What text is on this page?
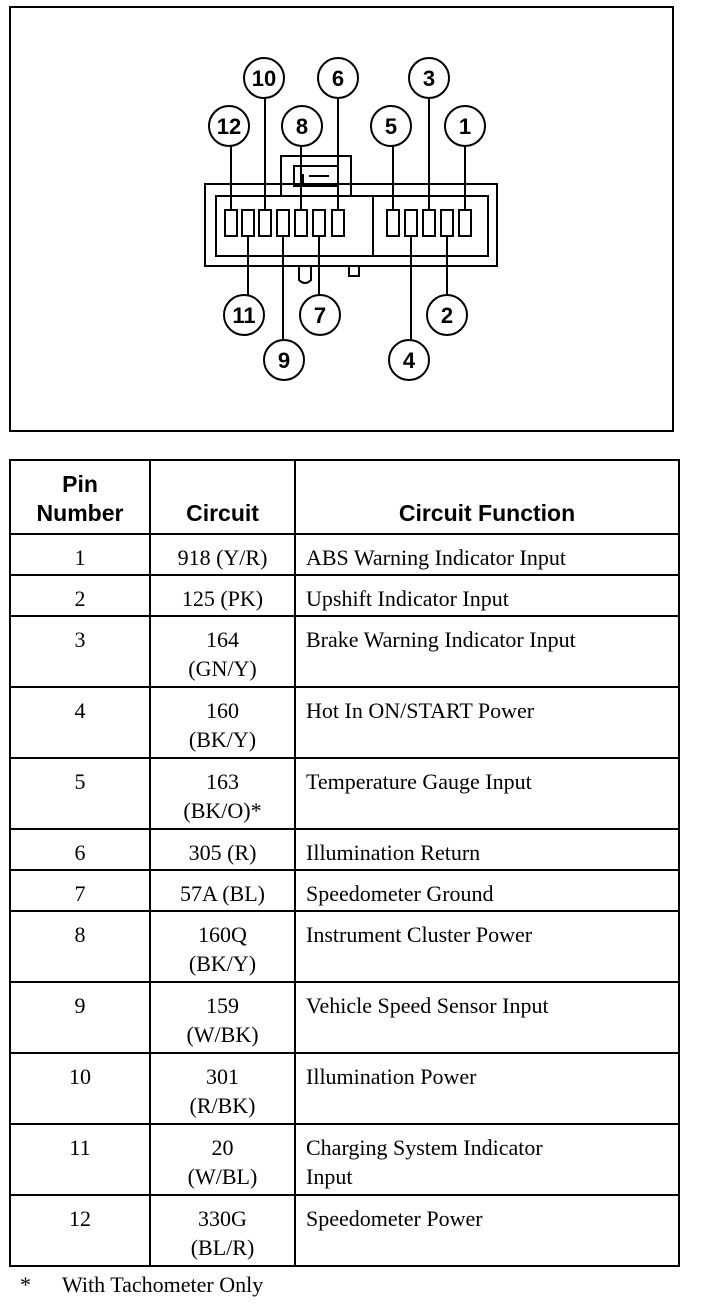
1
2
3
4
5
6
7
8
9
10
11
12
Pin
Number	Circuit	Circuit Function
1	918 (Y/R)	ABS Warning Indicator Input

2	125 (PK)	Upshift Indicator Input

3	164
(GN/Y)	Brake Warning Indicator Input

4	160
(BK/Y)	Hot In ON/START Power

5	163
(BK/O)*	Temperature Gauge Input

6	305 (R)	Illumination Return

7	57A (BL)	Speedometer Ground

8	160Q
(BK/Y)	Instrument Cluster Power

9	159
(W/BK)	Vehicle Speed Sensor Input

10	301
(R/BK)	Illumination Power

11	20
(W/BL)	Charging System Indicator
Input

12	330G
(BL/R)	Speedometer Power
* With Tachometer Only
